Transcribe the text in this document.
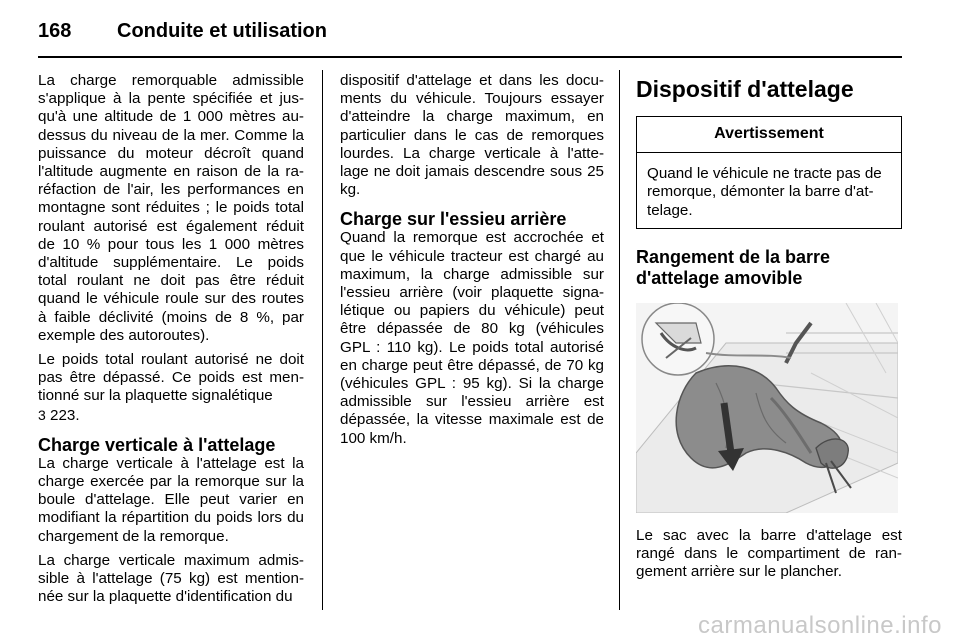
168 Conduite et utilisation

La charge remorquable admissible s'applique à la pente spécifiée et jus- qu'à une altitude de 1 000 mètres au- dessus du niveau de la mer. Comme la puissance du moteur décroît quand l'altitude augmente en raison de la ra- réfaction de l'air, les performances en montagne sont réduites ; le poids total roulant autorisé est également réduit de 10 % pour tous les 1 000 mètres d'altitude supplémentaire. Le poids total roulant ne doit pas être réduit quand le véhicule roule sur des routes à faible déclivité (moins de 8 %, par exemple des autoroutes).

Le poids total roulant autorisé ne doit pas être dépassé. Ce poids est men- tionné sur la plaquette signalétique
3 223.

Charge verticale à l'attelage

La charge verticale à l'attelage est la charge exercée par la remorque sur la boule d'attelage. Elle peut varier en modifiant la répartition du poids lors du chargement de la remorque.

La charge verticale maximum admis- sible à l'attelage (75 kg) est mention- née sur la plaquette d'identification du

dispositif d'attelage et dans les docu- ments du véhicule. Toujours essayer d'atteindre la charge maximum, en particulier dans le cas de remorques lourdes. La charge verticale à l'atte- lage ne doit jamais descendre sous 25 kg.

Charge sur l'essieu arrière

Quand la remorque est accrochée et que le véhicule tracteur est chargé au maximum, la charge admissible sur l'essieu arrière (voir plaquette signa- létique ou papiers du véhicule) peut être dépassée de 80 kg (véhicules GPL : 110 kg). Le poids total autorisé en charge peut être dépassé, de 70 kg (véhicules GPL : 95 kg). Si la charge admissible sur l'essieu arrière est dépassée, la vitesse maximale est de 100 km/h.

Dispositif d'attelage
Avertissement
Quand le véhicule ne tracte pas de remorque, démonter la barre d'at- telage.
Rangement de la barre d'attelage amovible

Le sac avec la barre d'attelage est rangé dans le compartiment de ran- gement arrière sur le plancher.

carmanualsonline.info
